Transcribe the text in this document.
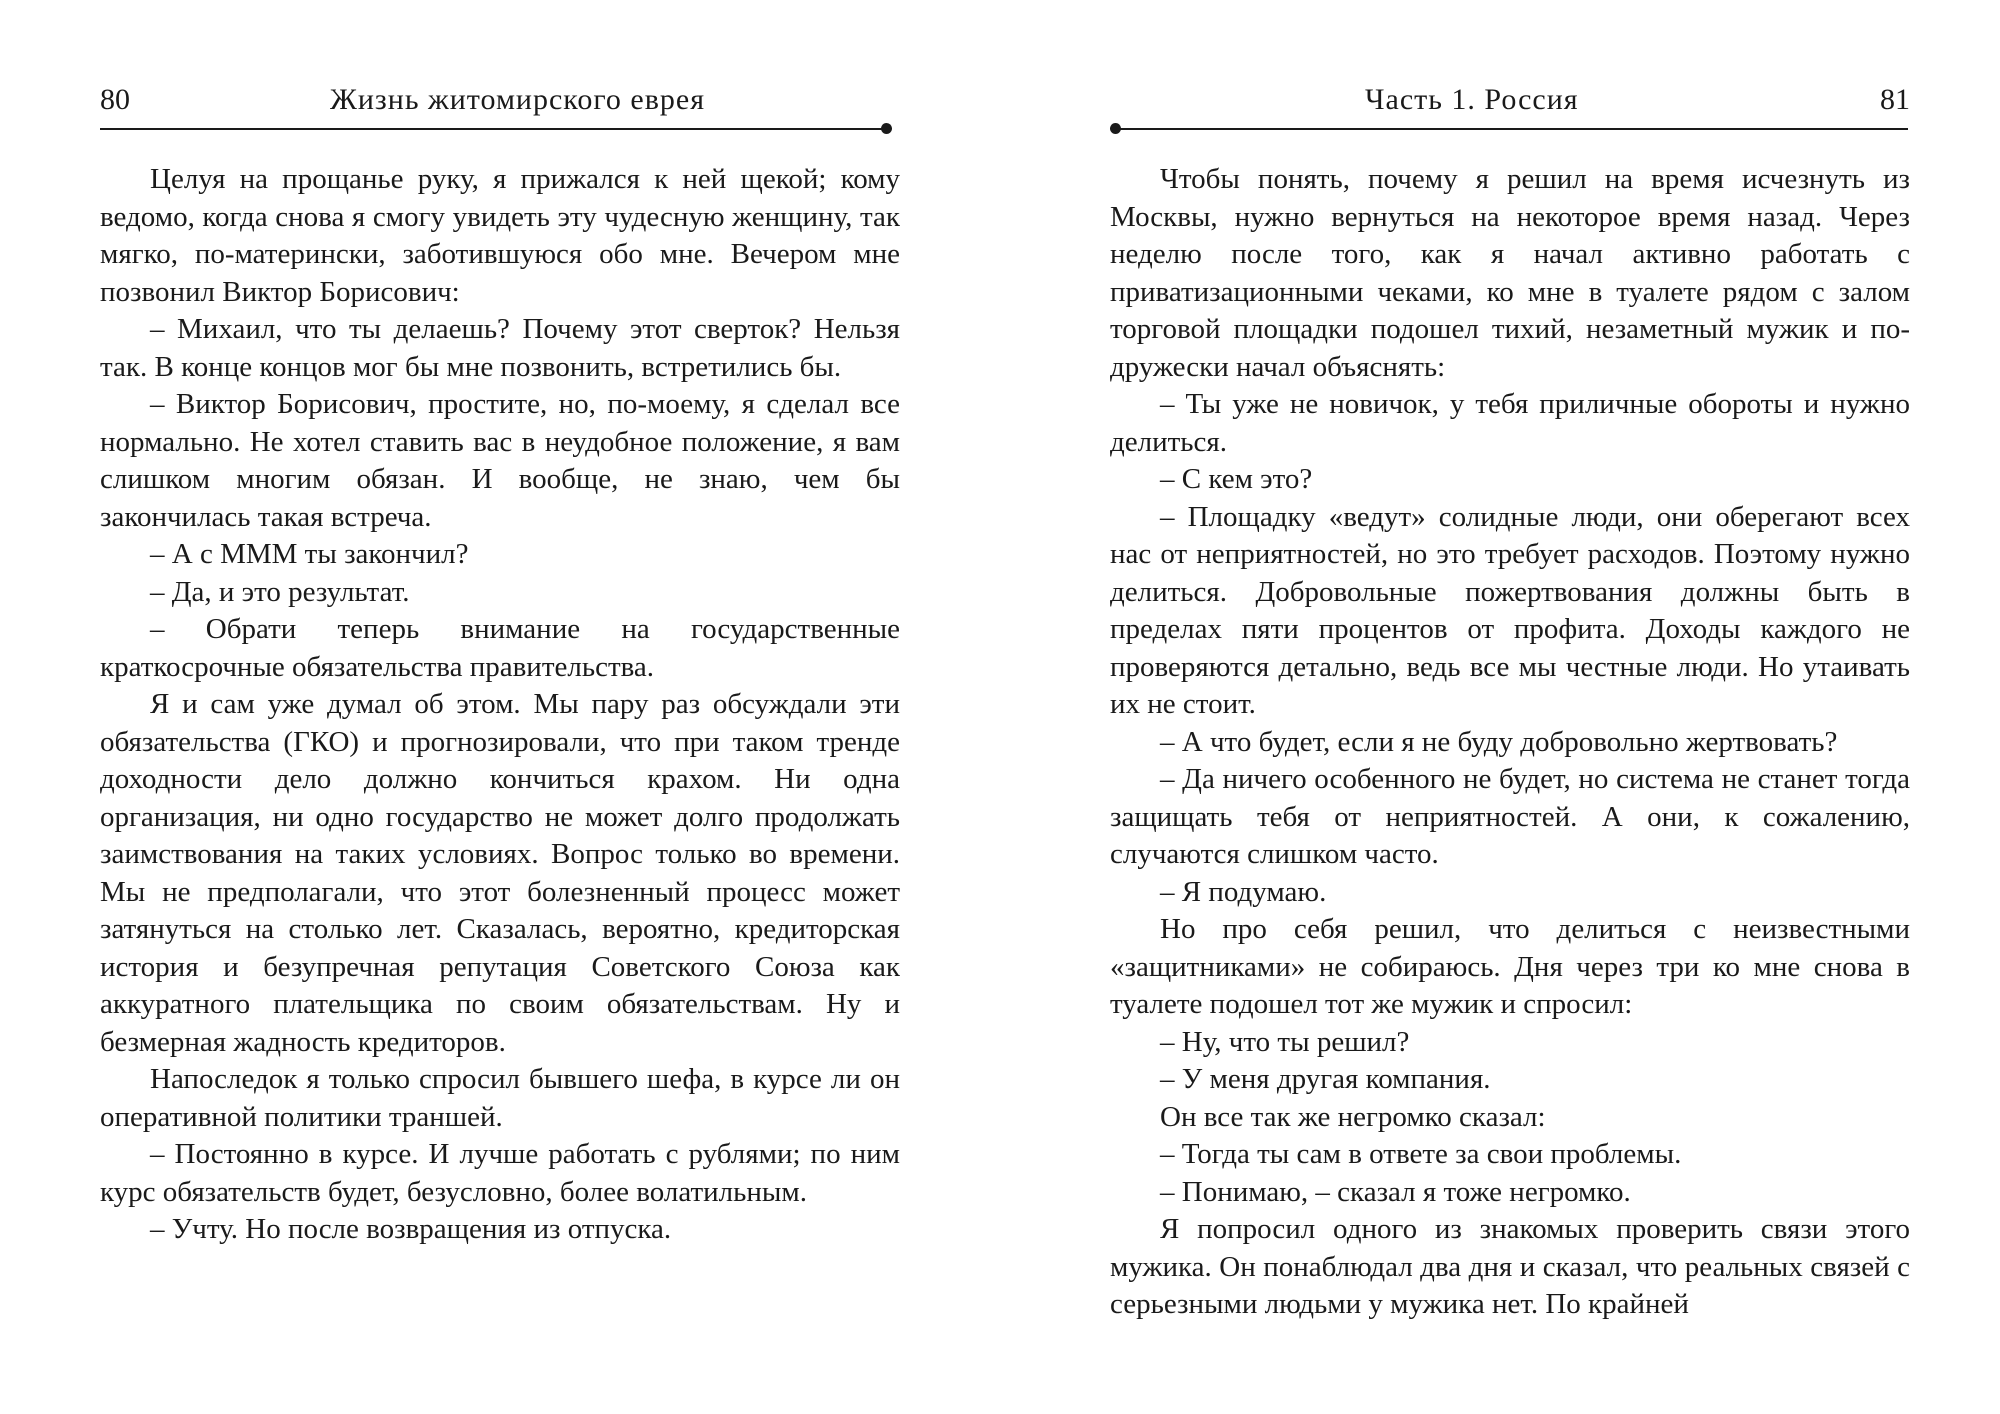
80	Жизнь житомирского еврея

Целуя на прощанье руку, я прижался к ней щекой; кому ведомо, когда снова я смогу увидеть эту чудесную женщину, так мягко, по-матерински, заботившуюся обо мне. Вечером мне позвонил Виктор Борисович:

– Михаил, что ты делаешь? Почему этот сверток? Нельзя так. В конце концов мог бы мне позвонить, встретились бы.

– Виктор Борисович, простите, но, по-моему, я сделал все нормально. Не хотел ставить вас в неудобное положение, я вам слишком многим обязан. И вообще, не знаю, чем бы закончилась такая встреча.

– А с МММ ты закончил?

– Да, и это результат.

– Обрати теперь внимание на государственные краткосрочные обязательства правительства.

Я и сам уже думал об этом. Мы пару раз обсуждали эти обязательства (ГКО) и прогнозировали, что при таком тренде доходности дело должно кончиться крахом. Ни одна организация, ни одно государство не может долго продолжать заимствования на таких условиях. Вопрос только во времени. Мы не предполагали, что этот болезненный процесс может затянуться на столько лет. Сказалась, вероятно, кредиторская история и безупречная репутация Советского Союза как аккуратного плательщика по своим обязательствам. Ну и безмерная жадность кредиторов.

Напоследок я только спросил бывшего шефа, в курсе ли он оперативной политики траншей.

– Постоянно в курсе. И лучше работать с рублями; по ним курс обязательств будет, безусловно, более волатильным.

– Учту. Но после возвращения из отпуска.

Часть 1. Россия	81

Чтобы понять, почему я решил на время исчезнуть из Москвы, нужно вернуться на некоторое время назад. Через неделю после того, как я начал активно работать с приватизационными чеками, ко мне в туалете рядом с залом торговой площадки подошел тихий, незаметный мужик и по-дружески начал объяснять:

– Ты уже не новичок, у тебя приличные обороты и нужно делиться.

– С кем это?

– Площадку «ведут» солидные люди, они оберегают всех нас от неприятностей, но это требует расходов. Поэтому нужно делиться. Добровольные пожертвования должны быть в пределах пяти процентов от профита. Доходы каждого не проверяются детально, ведь все мы честные люди. Но утаивать их не стоит.

– А что будет, если я не буду добровольно жертвовать?

– Да ничего особенного не будет, но система не станет тогда защищать тебя от неприятностей. А они, к сожалению, случаются слишком часто.

– Я подумаю.

Но про себя решил, что делиться с неизвестными «защитниками» не собираюсь. Дня через три ко мне снова в туалете подошел тот же мужик и спросил:

– Ну, что ты решил?

– У меня другая компания.

Он все так же негромко сказал:

– Тогда ты сам в ответе за свои проблемы.

– Понимаю, – сказал я тоже негромко.

Я попросил одного из знакомых проверить связи этого мужика. Он понаблюдал два дня и сказал, что реальных связей с серьезными людьми у мужика нет. По крайней
